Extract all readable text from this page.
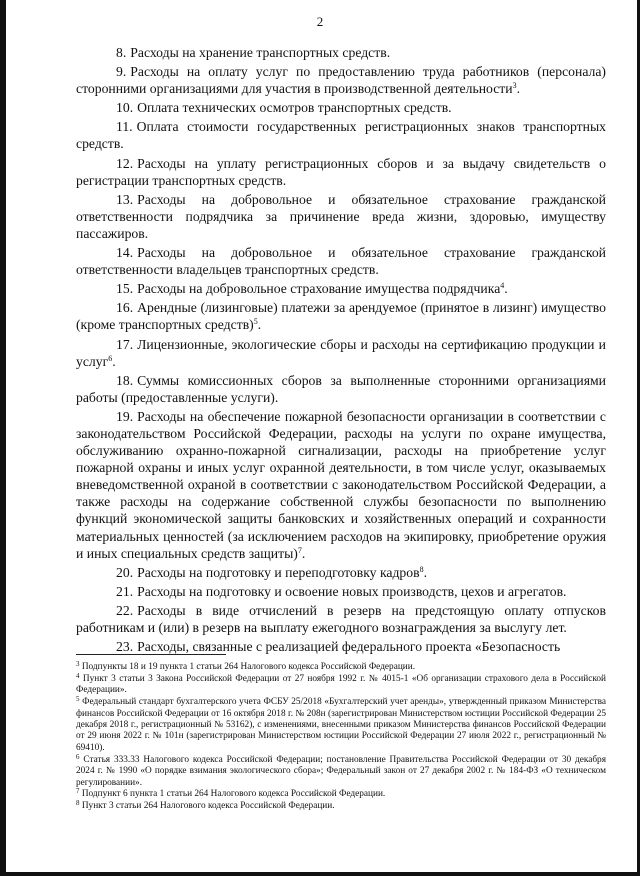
2

8. Расходы на хранение транспортных средств.

9. Расходы на оплату услуг по предоставлению труда работников (персонала) сторонними организациями для участия в производственной деятельности$^3$.

10. Оплата технических осмотров транспортных средств.

11. Оплата стоимости государственных регистрационных знаков транспортных средств.

12. Расходы на уплату регистрационных сборов и за выдачу свидетельств о регистрации транспортных средств.

13. Расходы на добровольное и обязательное страхование гражданской ответственности подрядчика за причинение вреда жизни, здоровью, имуществу пассажиров.

14. Расходы на добровольное и обязательное страхование гражданской ответственности владельцев транспортных средств.

15. Расходы на добровольное страхование имущества подрядчика$^4$.

16. Арендные (лизинговые) платежи за арендуемое (принятое в лизинг) имущество (кроме транспортных средств)$^5$.

17. Лицензионные, экологические сборы и расходы на сертификацию продукции и услуг$^6$.

18. Суммы комиссионных сборов за выполненные сторонними организациями работы (предоставленные услуги).

19. Расходы на обеспечение пожарной безопасности организации в соответствии с законодательством Российской Федерации, расходы на услуги по охране имущества, обслуживанию охранно-пожарной сигнализации, расходы на приобретение услуг пожарной охраны и иных услуг охранной деятельности, в том числе услуг, оказываемых вневедомственной охраной в соответствии с законодательством Российской Федерации, а также расходы на содержание собственной службы безопасности по выполнению функций экономической защиты банковских и хозяйственных операций и сохранности материальных ценностей (за исключением расходов на экипировку, приобретение оружия и иных специальных средств защиты)$^7$.

20. Расходы на подготовку и переподготовку кадров$^8$.

21. Расходы на подготовку и освоение новых производств, цехов и агрегатов.

22. Расходы в виде отчислений в резерв на предстоящую оплату отпусков работникам и (или) в резерв на выплату ежегодного вознаграждения за выслугу лет.

23. Расходы, связанные с реализацией федерального проекта «Безопасность

$^3$ Подпункты 18 и 19 пункта 1 статьи 264 Налогового кодекса Российской Федерации.

$^4$ Пункт 3 статьи 3 Закона Российской Федерации от 27 ноября 1992 г. № 4015-1 «Об организации страхового дела в Российской Федерации».

$^5$ Федеральный стандарт бухгалтерского учета ФСБУ 25/2018 «Бухгалтерский учет аренды», утвержденный приказом Министерства финансов Российской Федерации от 16 октября 2018 г. № 208н (зарегистрирован Министерством юстиции Российской Федерации 25 декабря 2018 г., регистрационный № 53162), с изменениями, внесенными приказом Министерства финансов Российской Федерации от 29 июня 2022 г. № 101н (зарегистрирован Министерством юстиции Российской Федерации 27 июля 2022 г., регистрационный № 69410).

$^6$ Статья 333.33 Налогового кодекса Российской Федерации; постановление Правительства Российской Федерации от 30 декабря 2024 г. № 1990 «О порядке взимания экологического сбора»; Федеральный закон от 27 декабря 2002 г. № 184-ФЗ «О техническом регулировании».

$^7$ Подпункт 6 пункта 1 статьи 264 Налогового кодекса Российской Федерации.

$^8$ Пункт 3 статьи 264 Налогового кодекса Российской Федерации.
